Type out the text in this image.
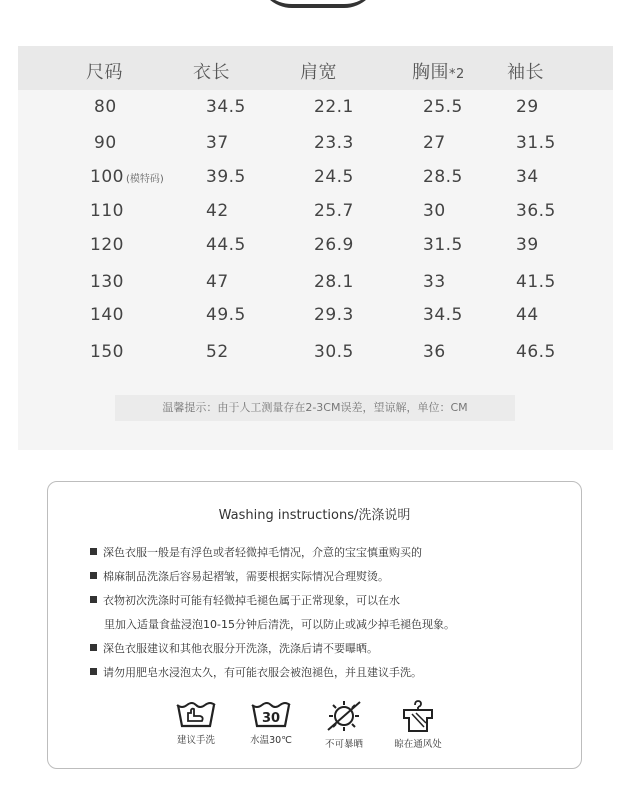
尺码	衣长	肩宽	胸围*2 袖长
80	34.5	22.1	25.5	29
90	37	23.3	27	31.5
100 (模特码) 39.5	24.5	28.5	34
110	42	25.7	30	36.5
120	44.5	26.9	31.5	39
130	47	28.1	33	41.5
140	49.5	29.3	34.5	44
150	52	30.5	36	46.5
温馨提示：由于人工测量存在2-3CM误差，望谅解，单位：CM
Washing instructions/洗涤说明
深色衣服一般是有浮色或者轻微掉毛情况，介意的宝宝慎重购买的
棉麻制品洗涤后容易起褶皱，需要根据实际情况合理熨烫。
衣物初次洗涤时可能有轻微掉毛褪色属于正常现象，可以在水
里加入适量食盐浸泡10-15分钟后清洗，可以防止或减少掉毛褪色现象。
深色衣服建议和其他衣服分开洗涤，洗涤后请不要曝晒。
请勿用肥皂水浸泡太久，有可能衣服会被泡褪色，并且建议手洗。
建议手洗
30
水温30℃	不可暴晒	晾在通风处
